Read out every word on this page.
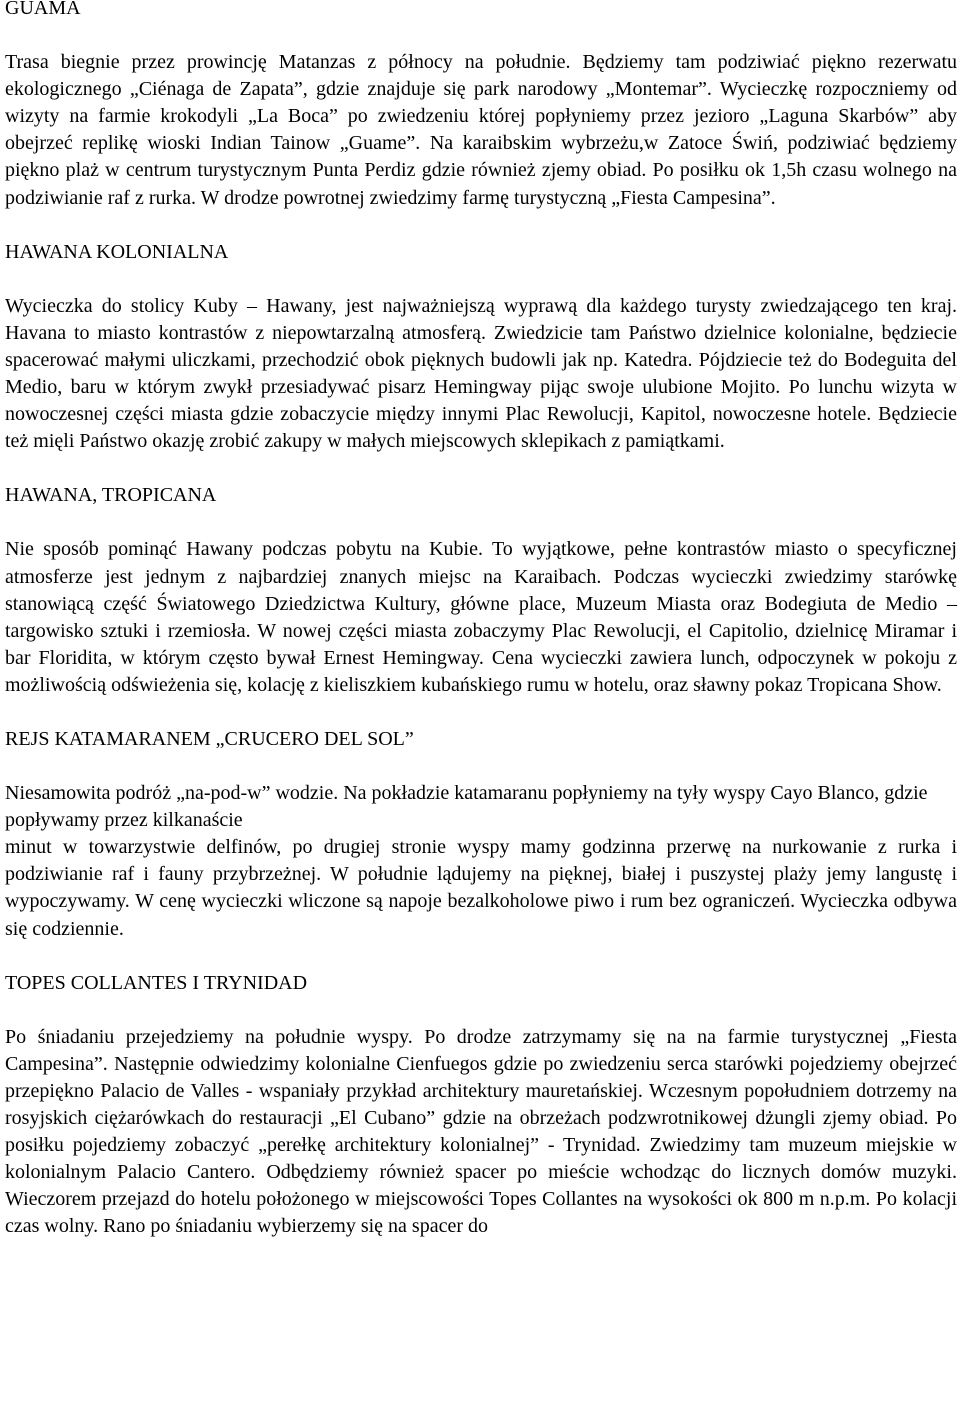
GUAMA
Trasa biegnie przez prowincję Matanzas z północy na południe. Będziemy tam podziwiać piękno rezerwatu ekologicznego „Ciénaga de Zapata”, gdzie znajduje się park narodowy „Montemar”. Wycieczkę rozpoczniemy od wizyty na farmie krokodyli „La Boca” po zwiedzeniu której popłyniemy przez jezioro „Laguna Skarbów” aby obejrzeć replikę wioski Indian Tainow „Guame”. Na karaibskim wybrzeżu,w Zatoce Świń, podziwiać będziemy piękno plaż w centrum turystycznym Punta Perdiz gdzie również zjemy obiad. Po posiłku ok 1,5h czasu wolnego na podziwianie raf z rurka. W drodze powrotnej zwiedzimy farmę turystyczną „Fiesta Campesina”.
HAWANA KOLONIALNA
Wycieczka do stolicy Kuby – Hawany, jest najważniejszą wyprawą dla każdego turysty zwiedzającego ten kraj. Havana to miasto kontrastów z niepowtarzalną atmosferą. Zwiedzicie tam Państwo dzielnice kolonialne, będziecie spacerować małymi uliczkami, przechodzić obok pięknych budowli jak np. Katedra. Pójdziecie też do Bodeguita del Medio, baru w którym zwykł przesiadywać pisarz Hemingway pijąc swoje ulubione Mojito. Po lunchu wizyta w nowoczesnej części miasta gdzie zobaczycie między innymi Plac Rewolucji, Kapitol, nowoczesne hotele. Będziecie też mięli Państwo okazję zrobić zakupy w małych miejscowych sklepikach z pamiątkami.
HAWANA, TROPICANA
Nie sposób pominąć Hawany podczas pobytu na Kubie. To wyjątkowe, pełne kontrastów miasto o specyficznej atmosferze jest jednym z najbardziej znanych miejsc na Karaibach. Podczas wycieczki zwiedzimy starówkę stanowiącą część Światowego Dziedzictwa Kultury, główne place, Muzeum Miasta oraz Bodegiuta de Medio – targowisko sztuki i rzemiosła. W nowej części miasta zobaczymy Plac Rewolucji, el Capitolio, dzielnicę Miramar i bar Floridita, w którym często bywał Ernest Hemingway. Cena wycieczki zawiera lunch, odpoczynek w pokoju z możliwością odświeżenia się, kolację z kieliszkiem kubańskiego rumu w hotelu, oraz sławny pokaz Tropicana Show.
REJS KATAMARANEM „CRUCERO DEL SOL”
Niesamowita podróż „na-pod-w” wodzie. Na pokładzie katamaranu popłyniemy na tyły wyspy Cayo Blanco, gdzie popływamy przez kilkanaście
minut w towarzystwie delfinów, po drugiej stronie wyspy mamy godzinna przerwę na nurkowanie z rurka i podziwianie raf i fauny przybrzeżnej. W południe lądujemy na pięknej, białej i puszystej plaży jemy langustę i wypoczywamy. W cenę wycieczki wliczone są napoje bezalkoholowe piwo i rum bez ograniczeń. Wycieczka odbywa się codziennie.
TOPES COLLANTES I TRYNIDAD
Po śniadaniu przejedziemy na południe wyspy. Po drodze zatrzymamy się na na farmie turystycznej „Fiesta Campesina”. Następnie odwiedzimy kolonialne Cienfuegos gdzie po zwiedzeniu serca starówki pojedziemy obejrzeć przepiękno Palacio de Valles - wspaniały przykład architektury mauretańskiej. Wczesnym popołudniem dotrzemy na rosyjskich ciężarówkach do restauracji „El Cubano” gdzie na obrzeżach podzwrotnikowej dżungli zjemy obiad. Po posiłku pojedziemy zobaczyć „perełkę architektury kolonialnej” - Trynidad. Zwiedzimy tam muzeum miejskie w kolonialnym Palacio Cantero. Odbędziemy również spacer po mieście wchodząc do licznych domów muzyki. Wieczorem przejazd do hotelu położonego w miejscowości Topes Collantes na wysokości ok 800 m n.p.m. Po kolacji czas wolny. Rano po śniadaniu wybierzemy się na spacer do
